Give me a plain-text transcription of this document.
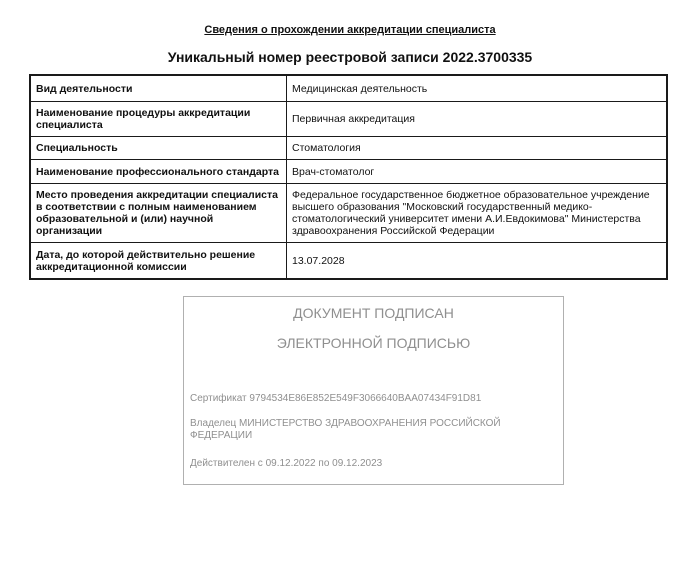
Сведения о прохождении аккредитации специалиста
Уникальный номер реестровой записи 2022.3700335
Вид деятельности	Медицинская деятельность
Наименование процедуры аккредитации специалиста	Первичная аккредитация
Специальность	Стоматология
Наименование профессионального стандарта	Врач-стоматолог
Место проведения аккредитации специалиста в соответствии с полным наименованием образовательной и (или) научной организации	Федеральное государственное бюджетное образовательное учреждение высшего образования "Московский государственный медико-стоматологический университет имени А.И.Евдокимова" Министерства здравоохранения Российской Федерации
Дата, до которой действительно решение аккредитационной комиссии	13.07.2028
ДОКУМЕНТ ПОДПИСАН
ЭЛЕКТРОННОЙ ПОДПИСЬЮ
Сертификат 9794534E86E852E549F3066640BAA07434F91D81
Владелец МИНИСТЕРСТВО ЗДРАВООХРАНЕНИЯ РОССИЙСКОЙ ФЕДЕРАЦИИ
Действителен с 09.12.2022 по 09.12.2023
